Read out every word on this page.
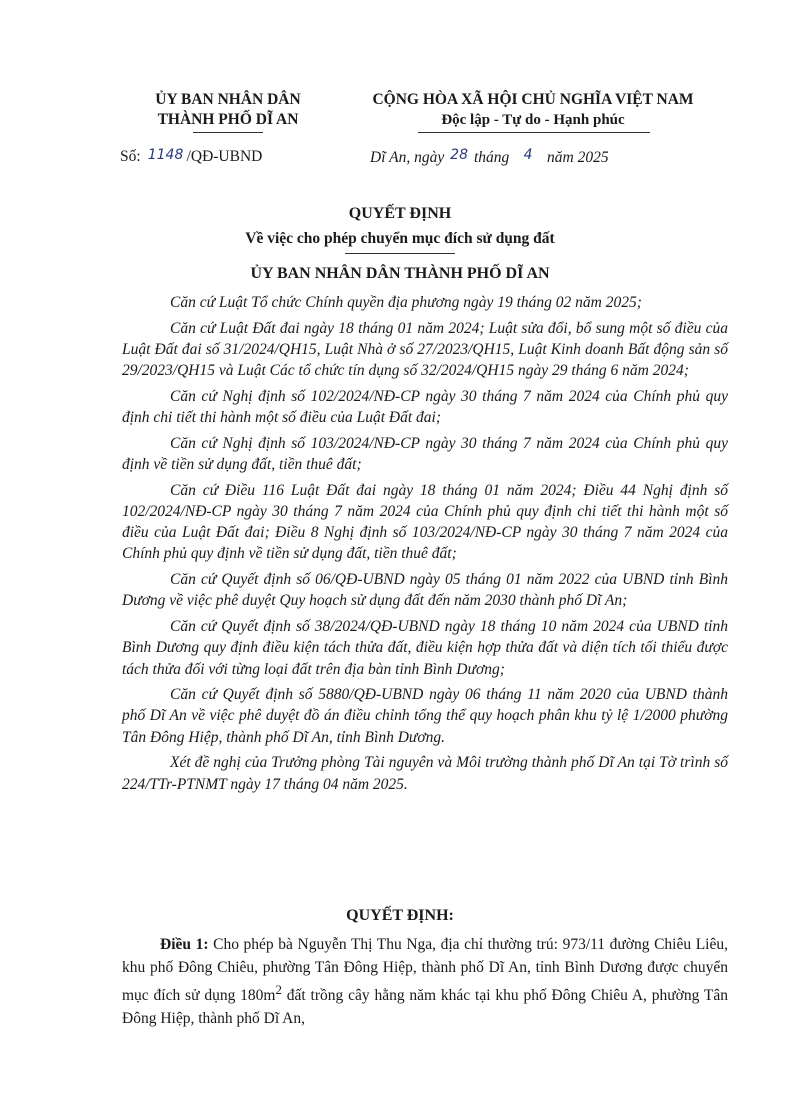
ỦY BAN NHÂN DÂN
THÀNH PHỐ DĨ AN
CỘNG HÒA XÃ HỘI CHỦ NGHĨA VIỆT NAM
Độc lập - Tự do - Hạnh phúc
Số: 1148 /QĐ-UBND	Dĩ An, ngày 28 tháng 4 năm 2025
QUYẾT ĐỊNH
Về việc cho phép chuyển mục đích sử dụng đất
ỦY BAN NHÂN DÂN THÀNH PHỐ DĨ AN

Căn cứ Luật Tổ chức Chính quyền địa phương ngày 19 tháng 02 năm 2025;

Căn cứ Luật Đất đai ngày 18 tháng 01 năm 2024; Luật sửa đổi, bổ sung một số điều của Luật Đất đai số 31/2024/QH15, Luật Nhà ở số 27/2023/QH15, Luật Kinh doanh Bất động sản số 29/2023/QH15 và Luật Các tổ chức tín dụng số 32/2024/QH15 ngày 29 tháng 6 năm 2024;

Căn cứ Nghị định số 102/2024/NĐ-CP ngày 30 tháng 7 năm 2024 của Chính phủ quy định chi tiết thi hành một số điều của Luật Đất đai;

Căn cứ Nghị định số 103/2024/NĐ-CP ngày 30 tháng 7 năm 2024 của Chính phủ quy định về tiền sử dụng đất, tiền thuê đất;

Căn cứ Điều 116 Luật Đất đai ngày 18 tháng 01 năm 2024; Điều 44 Nghị định số 102/2024/NĐ-CP ngày 30 tháng 7 năm 2024 của Chính phủ quy định chi tiết thi hành một số điều của Luật Đất đai; Điều 8 Nghị định số 103/2024/NĐ-CP ngày 30 tháng 7 năm 2024 của Chính phủ quy định về tiền sử dụng đất, tiền thuê đất;

Căn cứ Quyết định số 06/QĐ-UBND ngày 05 tháng 01 năm 2022 của UBND tỉnh Bình Dương về việc phê duyệt Quy hoạch sử dụng đất đến năm 2030 thành phố Dĩ An;

Căn cứ Quyết định số 38/2024/QĐ-UBND ngày 18 tháng 10 năm 2024 của UBND tỉnh Bình Dương quy định điều kiện tách thửa đất, điều kiện hợp thửa đất và diện tích tối thiểu được tách thửa đối với từng loại đất trên địa bàn tỉnh Bình Dương;

Căn cứ Quyết định số 5880/QĐ-UBND ngày 06 tháng 11 năm 2020 của UBND thành phố Dĩ An về việc phê duyệt đồ án điều chỉnh tổng thể quy hoạch phân khu tỷ lệ 1/2000 phường Tân Đông Hiệp, thành phố Dĩ An, tỉnh Bình Dương.

Xét đề nghị của Trưởng phòng Tài nguyên và Môi trường thành phố Dĩ An tại Tờ trình số 224/TTr-PTNMT ngày 17 tháng 04 năm 2025.

QUYẾT ĐỊNH:

Điều 1: Cho phép bà Nguyễn Thị Thu Nga, địa chỉ thường trú: 973/11 đường Chiêu Liêu, khu phố Đông Chiêu, phường Tân Đông Hiệp, thành phố Dĩ An, tỉnh Bình Dương được chuyển mục đích sử dụng $180m^2$ đất trồng cây hằng năm khác tại khu phố Đông Chiêu A, phường Tân Đông Hiệp, thành phố Dĩ An,
